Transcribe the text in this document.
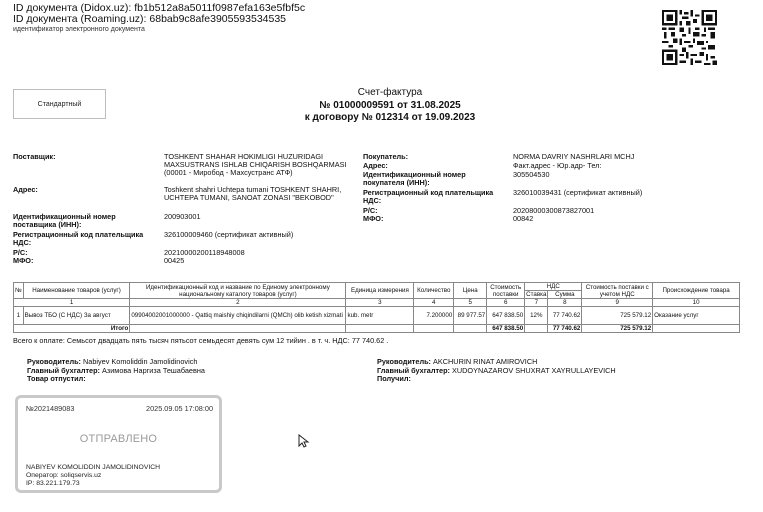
ID документа (Didox.uz): fb1b512a8a5011f0987efa163e5fbf5c
ID документа (Roaming.uz): 68bab9c8afe3905593534535
идентификатор электронного документа
Стандартный
Счет-фактура
№ 01000009591 от 31.08.2025
к договору № 012314 от 19.09.2023
Поставщик:	TOSHKENT SHAHAR HOKIMLIGI HUZURIDAGI MAXSUSTRANS ISHLAB CHIQARISH BOSHQARMASI (00001 - Миробод - Махсустранс АТФ)
Адрес:	Toshkent shahri Uchtepa tumani TOSHKENT SHAHRI, UCHTEPA TUMANI, SANOAT ZONASI "BEKOBOD"
Идентификационный номер поставщика (ИНН):
200903001
Регистрационный код плательщика НДС:
326100009460 (сертификат активный)
Р/С:	20210000200118948008
МФО:	00425
Покупатель:	NORMA DAVRIY NASHRLARI MCHJ
Адрес:	Факт.адрес - Юр.адр- Тел:
Идентификационный номер покупателя (ИНН):
305504530
Регистрационный код плательщика НДС:
326010039431 (сертификат активный)
Р/С:	20208000300873827001
МФО:	00842
№	Наименование товаров (услуг)	Идентификационный код и название по Единому электронному национальному каталогу товаров (услуг)	Единица измерения	Количество	Цена	Стоимость поставки	НДС		Стоимость поставки с учетом НДС	Происхождение товара
							Ставка	Сумма		
1		2	3	4	5	6	7	8	9	10
1	Вывоз ТБО (С НДС) За август	09904002001000000 - Qattiq maishiy chiqindilarni (QMCh) olib ketish xizmati	kub. metr	7.200000	89 977.57	647 838.50	12%	77 740.62	725 579.12	Оказание услуг
Итого						647 838.50		77 740.62	725 579.12	
Всего к оплате: Семьсот двадцать пять тысяч пятьсот семьдесят девять сум 12 тийин . в т. ч. НДС: 77 740.62 .
Руководитель: Nabiyev Komoliddin Jamolidinovich
Главный бухгалтер: Азимова Наргиза Тешабаевна
Товар отпустил:
Руководитель: AKCHURIN RINAT AMIROVICH
Главный бухгалтер: XUDOYNAZAROV SHUXRAT XAYRULLAYEVICH
Получил:
№2021489083	2025.09.05 17:08:00
ОТПРАВЛЕНО
NABIYEV KOMOLIDDIN JAMOLIDINOVICH
Оператор: soliqservis.uz
IP: 83.221.179.73
